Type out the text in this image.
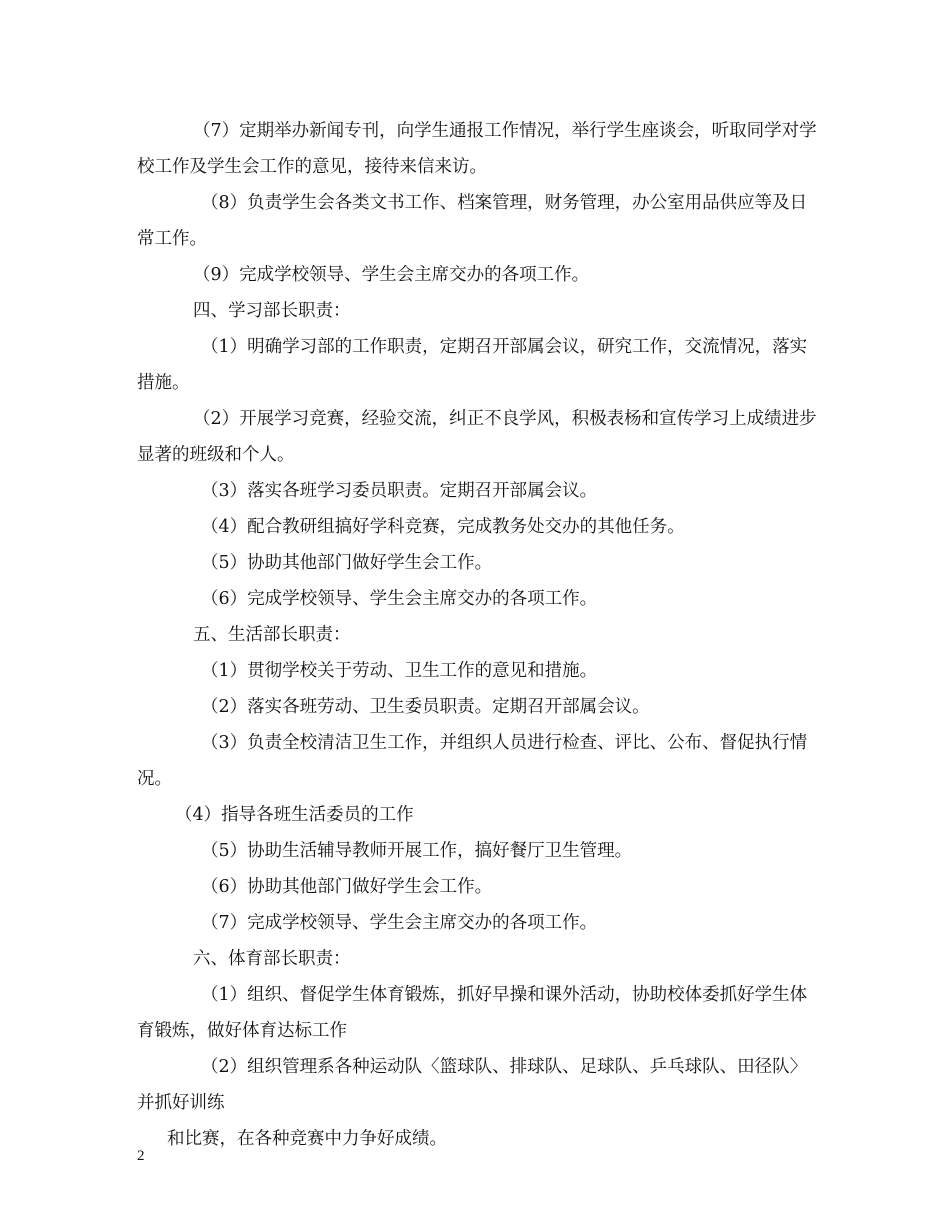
（7）定期举办新闻专刊，向学生通报工作情况，举行学生座谈会，听取同学对学校工作及学生会工作的意见，接待来信来访。

（8）负责学生会各类文书工作、档案管理，财务管理，办公室用品供应等及日常工作。

（9）完成学校领导、学生会主席交办的各项工作。

四、学习部长职责：

（1）明确学习部的工作职责，定期召开部属会议，研究工作，交流情况，落实措施。

（2）开展学习竞赛，经验交流，纠正不良学风，积极表杨和宣传学习上成绩进步显著的班级和个人。

（3）落实各班学习委员职责。定期召开部属会议。

（4）配合教研组搞好学科竞赛，完成教务处交办的其他任务。

（5）协助其他部门做好学生会工作。

（6）完成学校领导、学生会主席交办的各项工作。

五、生活部长职责：

（1）贯彻学校关于劳动、卫生工作的意见和措施。

（2）落实各班劳动、卫生委员职责。定期召开部属会议。

（3）负责全校清洁卫生工作，并组织人员进行检查、评比、公布、督促执行情况。

（4）指导各班生活委员的工作

（5）协助生活辅导教师开展工作，搞好餐厅卫生管理。

（6）协助其他部门做好学生会工作。

（7）完成学校领导、学生会主席交办的各项工作。

六、体育部长职责：

（1）组织、督促学生体育锻炼，抓好早操和课外活动，协助校体委抓好学生体育锻炼，做好体育达标工作

（2）组织管理系各种运动队〈篮球队、排球队、足球队、乒乓球队、田径队〉并抓好训练

和比赛，在各种竞赛中力争好成绩。

2
